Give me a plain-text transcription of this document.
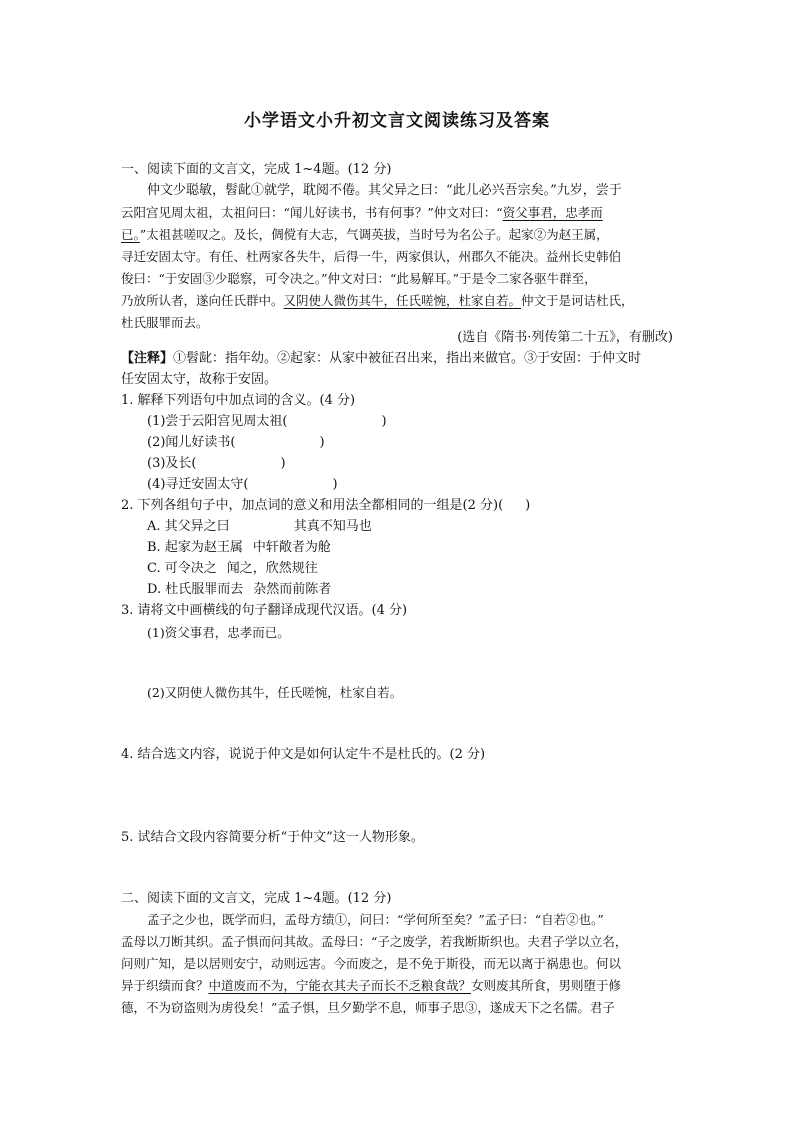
小学语文小升初文言文阅读练习及答案
一、阅读下面的文言文，完成 1~4题。(12 分)
仲文少聪敏，髫龀①就学，耽阅不倦。其父异之曰：“此儿必兴吾宗矣。”九岁，尝于
云阳宫见周太祖，太祖问曰：“闻儿好读书，书有何事？”仲文对曰：“资父事君，忠孝而
已。”太祖甚嗟叹之。及长，倜傥有大志，气调英拔，当时号为名公子。起家②为赵王属，
寻迁安固太守。有任、杜两家各失牛，后得一牛，两家俱认，州郡久不能决。益州长史韩伯
俊曰：“于安固③少聪察，可令决之。”仲文对曰：“此易解耳。”于是令二家各驱牛群至，
乃放所认者，遂向任氏群中。又阴使人微伤其牛，任氏嗟惋，杜家自若。仲文于是诃诘杜氏，
杜氏服罪而去。
(选自《隋书·列传第二十五》，有删改)
【注释】①髫龀：指年幼。②起家：从家中被征召出来，指出来做官。③于安固：于仲文时
任安固太守，故称于安固。
1. 解释下列语句中加点词的含义。(4 分)
(1)尝于云阳宫见周太祖(	)
(2)闻儿好读书(	)
(3)及长(	)
(4)寻迁安固太守(	)
2. 下列各组句子中，加点词的意义和用法全都相同的一组是(2 分)( )
A. 其父异之曰	其真不知马也
B. 起家为赵王属 中轩敞者为舱
C. 可令决之 闻之，欣然规往
D. 杜氏服罪而去 杂然而前陈者
3. 请将文中画横线的句子翻译成现代汉语。(4 分)
(1)资父事君，忠孝而已。
(2)又阴使人微伤其牛，任氏嗟惋，杜家自若。
4. 结合选文内容，说说于仲文是如何认定牛不是杜氏的。(2 分)
5. 试结合文段内容简要分析“于仲文”这一人物形象。
二、阅读下面的文言文，完成 1~4题。(12 分)
孟子之少也，既学而归，孟母方绩①，问曰：“学何所至矣？”孟子曰：“自若②也。”
孟母以刀断其织。孟子惧而问其故。孟母曰：“子之废学，若我断斯织也。夫君子学以立名，
问则广知，是以居则安宁，动则远害。今而废之，是不免于斯役，而无以离于祸患也。何以
异于织绩而食？中道废而不为，宁能衣其夫子而长不乏粮食哉？女则废其所食，男则堕于修
德，不为窃盗则为虏役矣！”孟子惧，旦夕勤学不息，师事子思③，遂成天下之名儒。君子
